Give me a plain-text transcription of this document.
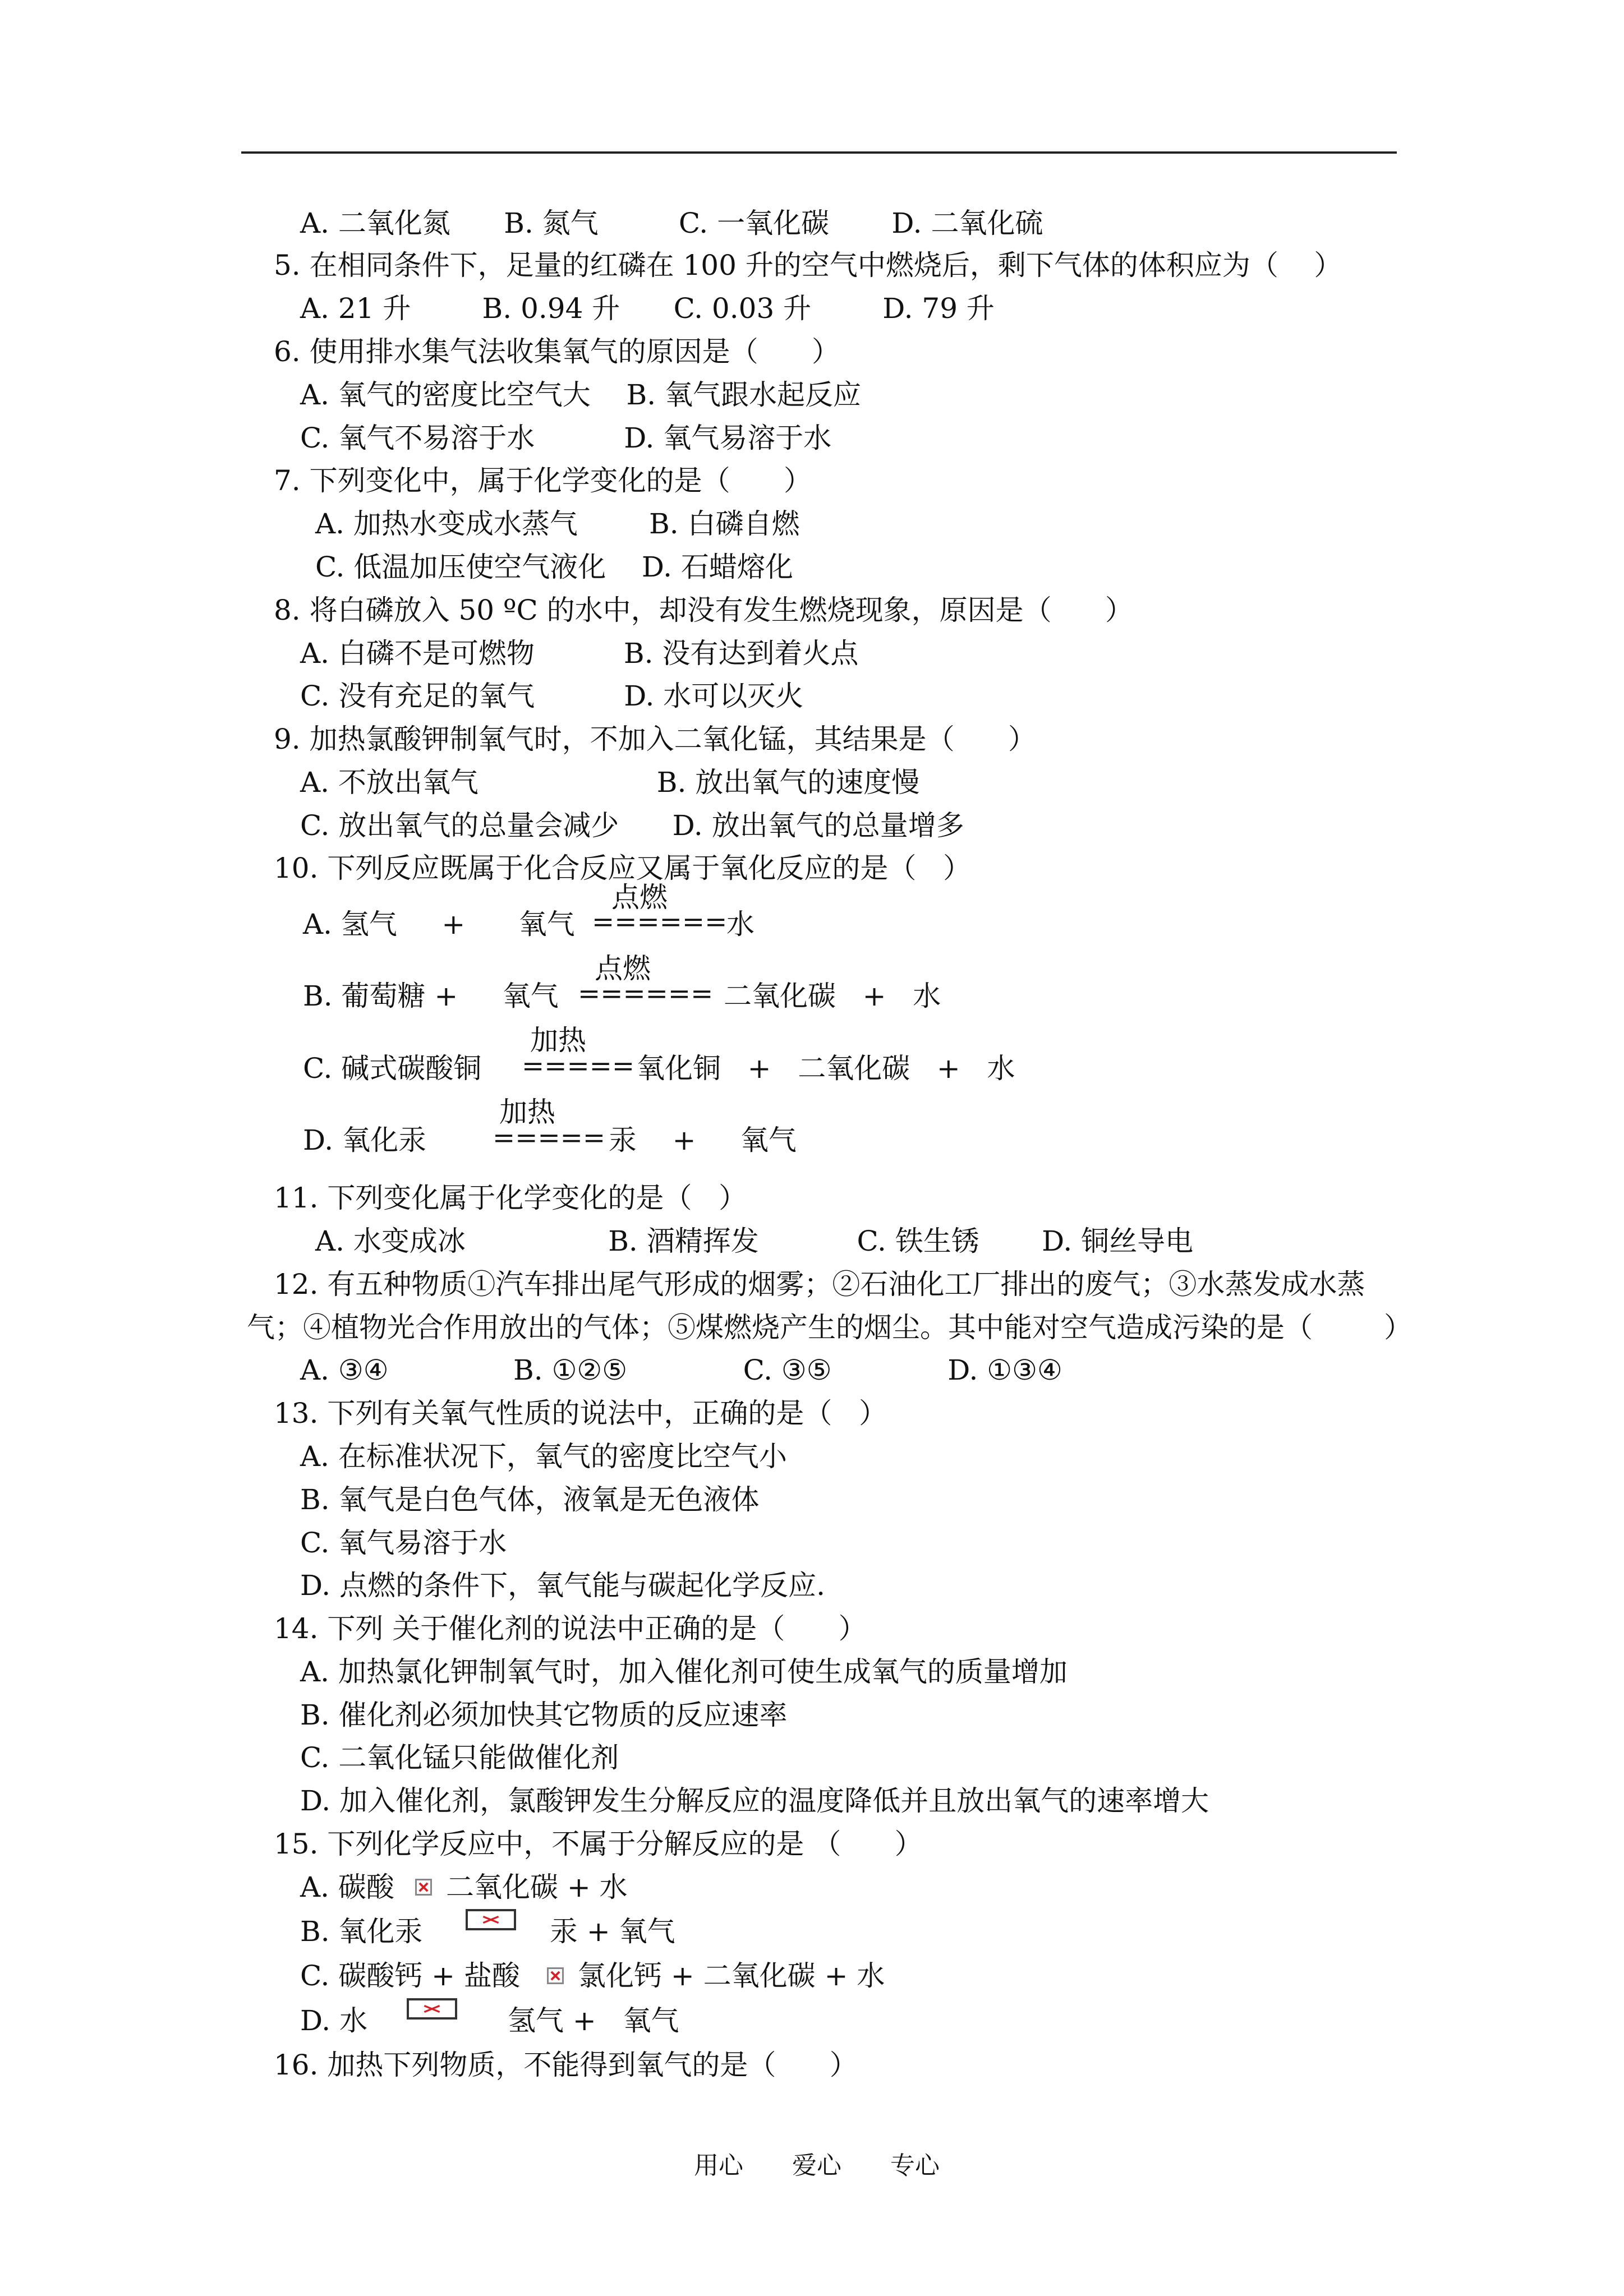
A. 二氧化氮      B. 氮气         C. 一氧化碳       D. 二氧化硫
5. 在相同条件下，足量的红磷在 100 升的空气中燃烧后，剩下气体的体积应为（    ）
A. 21 升        B. 0.94 升      C. 0.03 升        D. 79 升
6. 使用排水集气法收集氧气的原因是（      ）
A. 氧气的密度比空气大    B. 氧气跟水起反应
C. 氧气不易溶于水          D. 氧气易溶于水
7. 下列变化中，属于化学变化的是（      ）
A. 加热水变成水蒸气        B. 白磷自燃
C. 低温加压使空气液化    D. 石蜡熔化
8. 将白磷放入 50 ºC 的水中，却没有发生燃烧现象，原因是（      ）
A. 白磷不是可燃物          B. 没有达到着火点
C. 没有充足的氧气          D. 水可以灭火
9. 加热氯酸钾制氧气时，不加入二氧化锰，其结果是（      ）
A. 不放出氧气                    B. 放出氧气的速度慢
C. 放出氧气的总量会减少      D. 放出氧气的总量增多
10. 下列反应既属于化合反应又属于氧化反应的是（   ）
A. 氢气     +      氧气
点燃
======
水
B. 葡萄糖 +     氧气
点燃
====== 二氧化碳   +   水
C. 碱式碳酸铜
加热
===== 氧化铜   +   二氧化碳   +   水
D. 氧化汞
加热
===== 汞    +     氧气
11. 下列变化属于化学变化的是（   ）
A. 水变成冰                B. 酒精挥发           C. 铁生锈       D. 铜丝导电
12. 有五种物质①汽车排出尾气形成的烟雾；②石油化工厂排出的废气；③水蒸发成水蒸
气；④植物光合作用放出的气体；⑤煤燃烧产生的烟尘。其中能对空气造成污染的是（        ）
A. ③④              B. ①②⑤             C. ③⑤             D. ①③④
13. 下列有关氧气性质的说法中，正确的是（   ）
A. 在标准状况下，氧气的密度比空气小
B. 氧气是白色气体，液氧是无色液体
C. 氧气易溶于水
D. 点燃的条件下，氧气能与碳起化学反应.
14. 下列 关于催化剂的说法中正确的是（      ）
A. 加热氯化钾制氧气时，加入催化剂可使生成氧气的质量增加
B. 催化剂必须加快其它物质的反应速率
C. 二氧化锰只能做催化剂
D. 加入催化剂，氯酸钾发生分解反应的温度降低并且放出氧气的速率增大
15. 下列化学反应中，不属于分解反应的是 （      ）
A. 碳酸 二氧化碳 + 水
B. 氧化汞	汞 + 氧气
C. 碳酸钙 + 盐酸 氯化钙 + 二氧化碳 + 水
D. 水	氢气 +   氧气
16. 加热下列物质，不能得到氧气的是（      ）
用心 爱心 专心
